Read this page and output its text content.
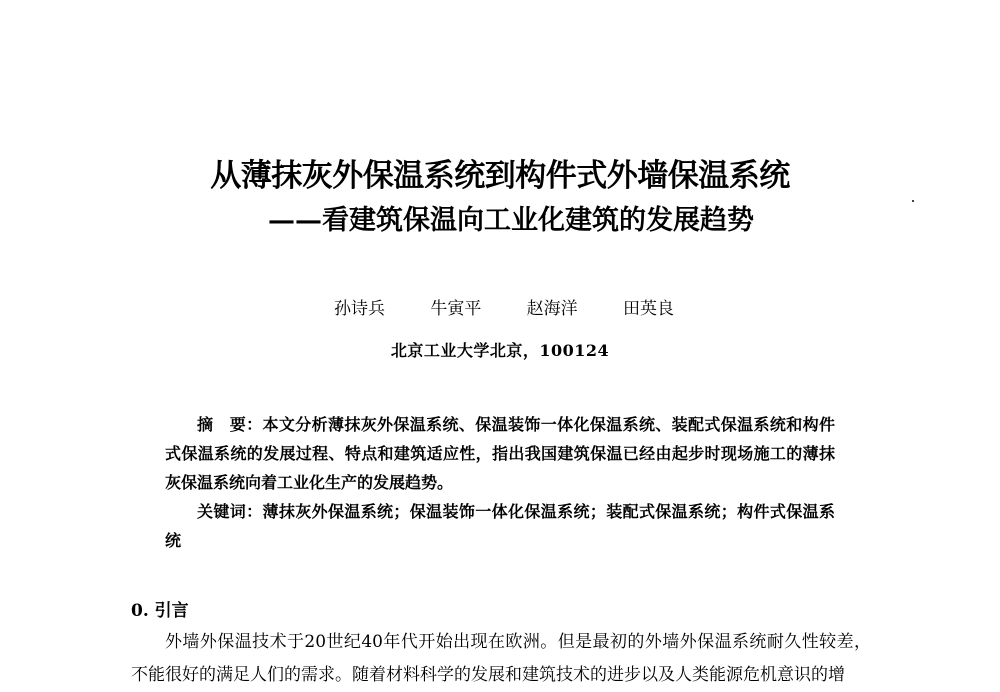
从薄抹灰外保温系统到构件式外墙保温系统
——看建筑保温向工业化建筑的发展趋势
孙诗兵	牛寅平	赵海洋	田英良
北京工业大学北京，100124

摘　要：本文分析薄抹灰外保温系统、保温装饰一体化保温系统、装配式保温系统和构件式保温系统的发展过程、特点和建筑适应性，指出我国建筑保温已经由起步时现场施工的薄抹灰保温系统向着工业化生产的发展趋势。

关键词：薄抹灰外保温系统；保温装饰一体化保温系统；装配式保温系统；构件式保温系统

0. 引言

外墙外保温技术于20世纪40年代开始出现在欧洲。但是最初的外墙外保温系统耐久性较差，不能很好的满足人们的需求。随着材料科学的发展和建筑技术的进步以及人类能源危机意识的增
